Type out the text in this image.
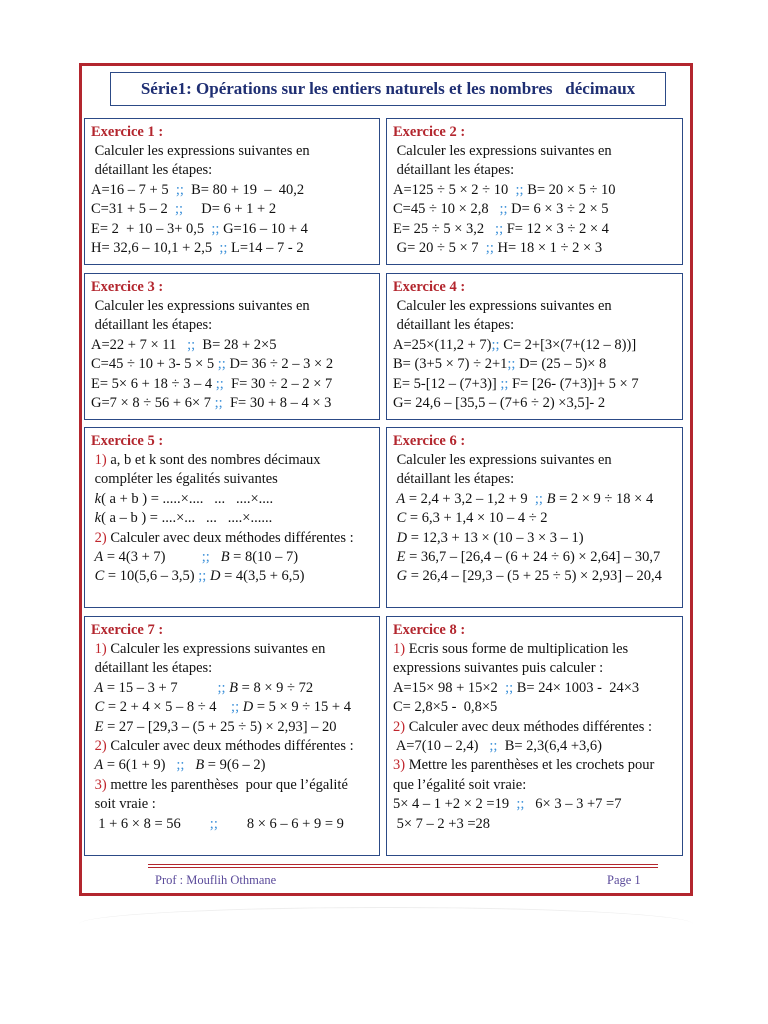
Série1: Opérations sur les entiers naturels et les nombres   décimaux
Exercice 1 :
Calculer les expressions suivantes en
détaillant les étapes:
A=16 – 7 + 5  ;;  B= 80 + 19  –  40,2
C=31 + 5 – 2  ;;     D= 6 + 1 + 2
E= 2  + 10 – 3+ 0,5  ;; G=16 – 10 + 4
H= 32,6 – 10,1 + 2,5  ;; L=14 – 7 - 2
Exercice 2 :
Calculer les expressions suivantes en
détaillant les étapes:
A=125 ÷ 5 × 2 ÷ 10  ;; B= 20 × 5 ÷ 10
C=45 ÷ 10 × 2,8   ;; D= 6 × 3 ÷ 2 × 5
E= 25 ÷ 5 × 3,2   ;; F= 12 × 3 ÷ 2 × 4
G= 20 ÷ 5 × 7  ;; H= 18 × 1 ÷ 2 × 3
Exercice 3 :
Calculer les expressions suivantes en
détaillant les étapes:
A=22 + 7 × 11   ;;  B= 28 + 2×5
C=45 ÷ 10 + 3- 5 × 5 ;; D= 36 ÷ 2 – 3 × 2
E= 5× 6 + 18 ÷ 3 – 4 ;;  F= 30 ÷ 2 – 2 × 7
G=7 × 8 ÷ 56 + 6× 7 ;;  F= 30 + 8 – 4 × 3
Exercice 4 :
Calculer les expressions suivantes en
détaillant les étapes:
A=25×(11,2 + 7);; C= 2+[3×(7+(12 – 8))]
B= (3+5 × 7) ÷ 2+1;; D= (25 – 5)× 8
E= 5-[12 – (7+3)] ;; F= [26- (7+3)]+ 5 × 7
G= 24,6 – [35,5 – (7+6 ÷ 2) ×3,5]- 2
Exercice 5 :
1) a, b et k sont des nombres décimaux
compléter les égalités suivantes
k( a + b ) = .....×....   ...   ....×....
k( a – b ) = ....×...   ...   ....×......
2) Calculer avec deux méthodes différentes :
A = 4(3 + 7)          ;; B = 8(10 – 7)
C = 10(5,6 – 3,5) ;; D = 4(3,5 + 6,5)
Exercice 6 :
Calculer les expressions suivantes en
détaillant les étapes:
A = 2,4 + 3,2 – 1,2 + 9  ;; B = 2 × 9 ÷ 18 × 4
C = 6,3 + 1,4 × 10 – 4 ÷ 2
D = 12,3 + 13 × (10 – 3 × 3 – 1)
E = 36,7 – [26,4 – (6 + 24 ÷ 6) × 2,64] – 30,7
G = 26,4 – [29,3 – (5 + 25 ÷ 5) × 2,93] – 20,4
Exercice 7 :
1) Calculer les expressions suivantes en
détaillant les étapes:
A = 15 – 3 + 7           ;; B = 8 × 9 ÷ 72
C = 2 + 4 × 5 – 8 ÷ 4    ;; D = 5 × 9 ÷ 15 + 4
E = 27 – [29,3 – (5 + 25 ÷ 5) × 2,93] – 20
2) Calculer avec deux méthodes différentes :
A = 6(1 + 9)   ;; B = 9(6 – 2)
3) mettre les parenthèses  pour que l’égalité
soit vraie :
1 + 6 × 8 = 56        ;;        8 × 6 – 6 + 9 = 9
Exercice 8 :
1) Ecris sous forme de multiplication les
expressions suivantes puis calculer :
A=15× 98 + 15×2  ;; B= 24× 1003 -  24×3
C= 2,8×5 -  0,8×5
2) Calculer avec deux méthodes différentes :
A=7(10 – 2,4)   ;;  B= 2,3(6,4 +3,6)
3) Mettre les parenthèses et les crochets pour
que l’égalité soit vraie:
5× 4 – 1 +2 × 2 =19  ;;   6× 3 – 3 +7 =7
5× 7 – 2 +3 =28
Prof : Mouflih Othmane	Page 1
